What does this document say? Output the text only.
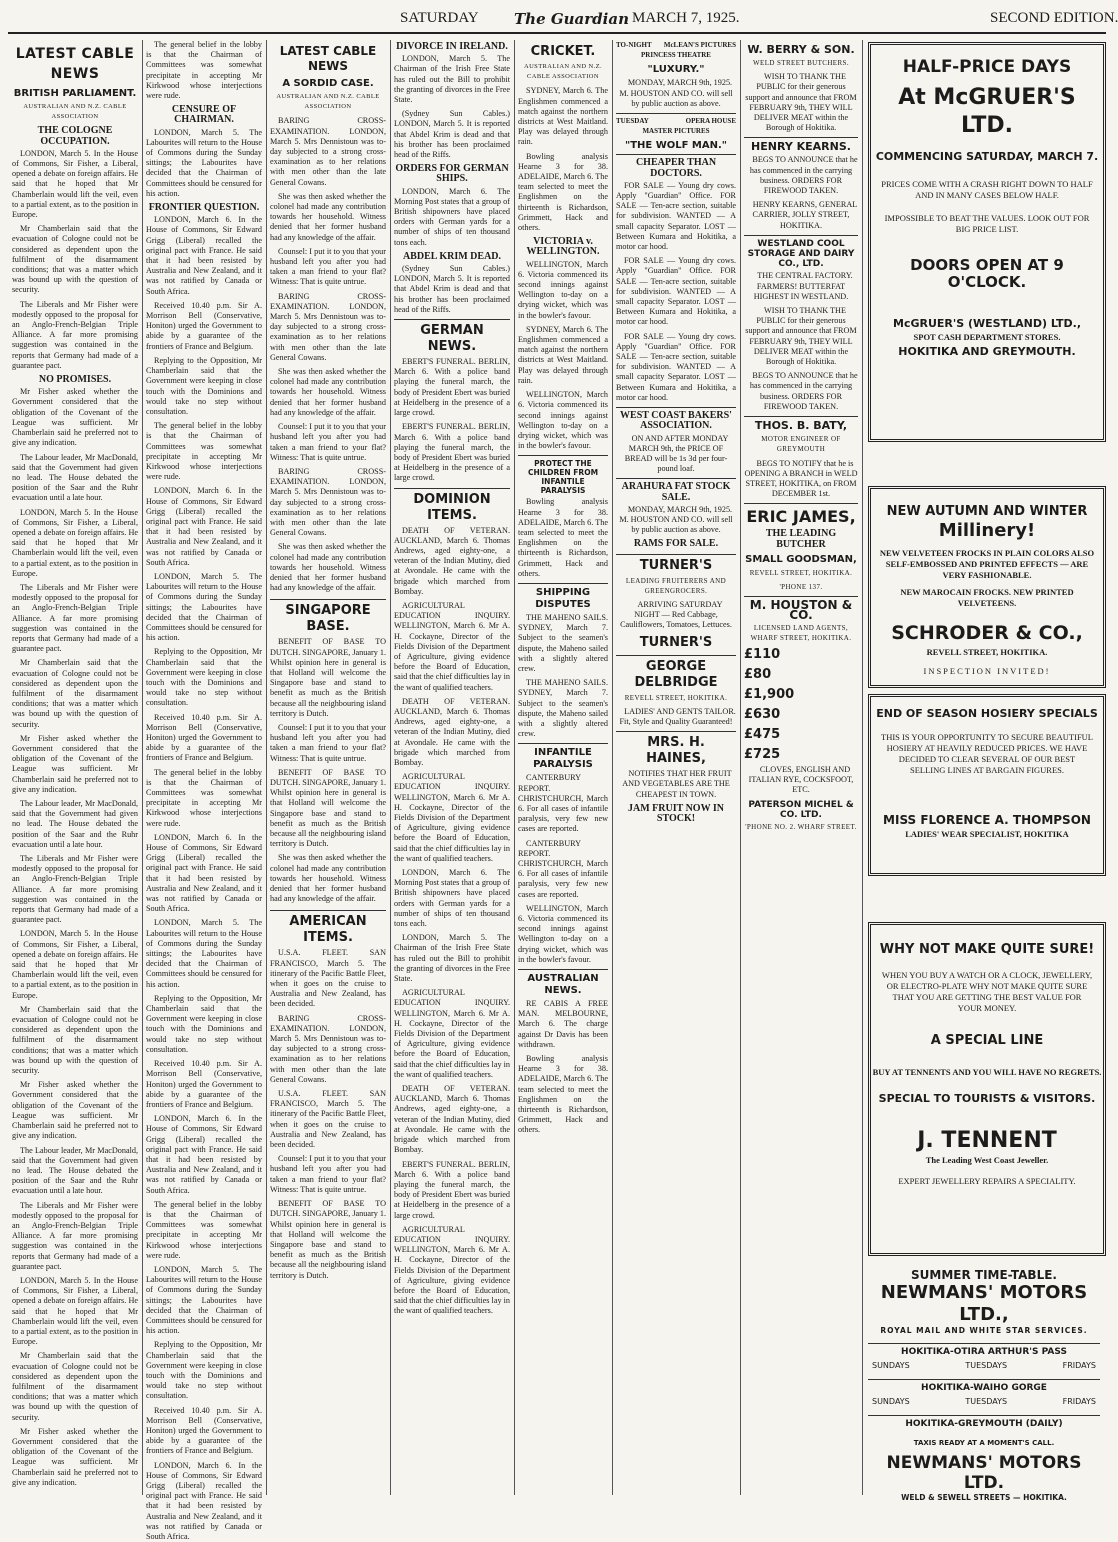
SATURDAY The Guardian MARCH 7, 1925.	SECOND EDITION.
LATEST CABLE NEWS
BRITISH PARLIAMENT.
AUSTRALIAN AND N.Z. CABLE ASSOCIATION
THE COLOGNE OCCUPATION.

LONDON, March 5. In the House of Commons, Sir Fisher, a Liberal, opened a debate on foreign affairs. He said that he hoped that Mr Chamberlain would lift the veil, even to a partial extent, as to the position in Europe.

Mr Chamberlain said that the evacuation of Cologne could not be considered as dependent upon the fulfilment of the disarmament conditions; that was a matter which was bound up with the question of security.

The Liberals and Mr Fisher were modestly opposed to the proposal for an Anglo-French-Belgian Triple Alliance. A far more promising suggestion was contained in the reports that Germany had made of a guarantee pact.

NO PROMISES.

Mr Fisher asked whether the Government considered that the obligation of the Covenant of the League was sufficient. Mr Chamberlain said he preferred not to give any indication.

The Labour leader, Mr MacDonald, said that the Government had given no lead. The House debated the position of the Saar and the Ruhr evacuation until a late hour.

LONDON, March 5. In the House of Commons, Sir Fisher, a Liberal, opened a debate on foreign affairs. He said that he hoped that Mr Chamberlain would lift the veil, even to a partial extent, as to the position in Europe.

The Liberals and Mr Fisher were modestly opposed to the proposal for an Anglo-French-Belgian Triple Alliance. A far more promising suggestion was contained in the reports that Germany had made of a guarantee pact.

Mr Chamberlain said that the evacuation of Cologne could not be considered as dependent upon the fulfilment of the disarmament conditions; that was a matter which was bound up with the question of security.

Mr Fisher asked whether the Government considered that the obligation of the Covenant of the League was sufficient. Mr Chamberlain said he preferred not to give any indication.

The Labour leader, Mr MacDonald, said that the Government had given no lead. The House debated the position of the Saar and the Ruhr evacuation until a late hour.

The Liberals and Mr Fisher were modestly opposed to the proposal for an Anglo-French-Belgian Triple Alliance. A far more promising suggestion was contained in the reports that Germany had made of a guarantee pact.

LONDON, March 5. In the House of Commons, Sir Fisher, a Liberal, opened a debate on foreign affairs. He said that he hoped that Mr Chamberlain would lift the veil, even to a partial extent, as to the position in Europe.

Mr Chamberlain said that the evacuation of Cologne could not be considered as dependent upon the fulfilment of the disarmament conditions; that was a matter which was bound up with the question of security.

Mr Fisher asked whether the Government considered that the obligation of the Covenant of the League was sufficient. Mr Chamberlain said he preferred not to give any indication.

The Labour leader, Mr MacDonald, said that the Government had given no lead. The House debated the position of the Saar and the Ruhr evacuation until a late hour.

The Liberals and Mr Fisher were modestly opposed to the proposal for an Anglo-French-Belgian Triple Alliance. A far more promising suggestion was contained in the reports that Germany had made of a guarantee pact.

LONDON, March 5. In the House of Commons, Sir Fisher, a Liberal, opened a debate on foreign affairs. He said that he hoped that Mr Chamberlain would lift the veil, even to a partial extent, as to the position in Europe.

Mr Chamberlain said that the evacuation of Cologne could not be considered as dependent upon the fulfilment of the disarmament conditions; that was a matter which was bound up with the question of security.

Mr Fisher asked whether the Government considered that the obligation of the Covenant of the League was sufficient. Mr Chamberlain said he preferred not to give any indication.

The general belief in the lobby is that the Chairman of Committees was somewhat precipitate in accepting Mr Kirkwood whose interjections were rude.

CENSURE OF CHAIRMAN.

LONDON, March 5. The Labourites will return to the House of Commons during the Sunday sittings; the Labourites have decided that the Chairman of Committees should be censured for his action.

FRONTIER QUESTION.

LONDON, March 6. In the House of Commons, Sir Edward Grigg (Liberal) recalled the original pact with France. He said that it had been resisted by Australia and New Zealand, and it was not ratified by Canada or South Africa.

Received 10.40 p.m. Sir A. Morrison Bell (Conservative, Honiton) urged the Government to abide by a guarantee of the frontiers of France and Belgium.

Replying to the Opposition, Mr Chamberlain said that the Government were keeping in close touch with the Dominions and would take no step without consultation.

The general belief in the lobby is that the Chairman of Committees was somewhat precipitate in accepting Mr Kirkwood whose interjections were rude.

LONDON, March 6. In the House of Commons, Sir Edward Grigg (Liberal) recalled the original pact with France. He said that it had been resisted by Australia and New Zealand, and it was not ratified by Canada or South Africa.

LONDON, March 5. The Labourites will return to the House of Commons during the Sunday sittings; the Labourites have decided that the Chairman of Committees should be censured for his action.

Replying to the Opposition, Mr Chamberlain said that the Government were keeping in close touch with the Dominions and would take no step without consultation.

Received 10.40 p.m. Sir A. Morrison Bell (Conservative, Honiton) urged the Government to abide by a guarantee of the frontiers of France and Belgium.

The general belief in the lobby is that the Chairman of Committees was somewhat precipitate in accepting Mr Kirkwood whose interjections were rude.

LONDON, March 6. In the House of Commons, Sir Edward Grigg (Liberal) recalled the original pact with France. He said that it had been resisted by Australia and New Zealand, and it was not ratified by Canada or South Africa.

LONDON, March 5. The Labourites will return to the House of Commons during the Sunday sittings; the Labourites have decided that the Chairman of Committees should be censured for his action.

Replying to the Opposition, Mr Chamberlain said that the Government were keeping in close touch with the Dominions and would take no step without consultation.

Received 10.40 p.m. Sir A. Morrison Bell (Conservative, Honiton) urged the Government to abide by a guarantee of the frontiers of France and Belgium.

LONDON, March 6. In the House of Commons, Sir Edward Grigg (Liberal) recalled the original pact with France. He said that it had been resisted by Australia and New Zealand, and it was not ratified by Canada or South Africa.

The general belief in the lobby is that the Chairman of Committees was somewhat precipitate in accepting Mr Kirkwood whose interjections were rude.

LONDON, March 5. The Labourites will return to the House of Commons during the Sunday sittings; the Labourites have decided that the Chairman of Committees should be censured for his action.

Replying to the Opposition, Mr Chamberlain said that the Government were keeping in close touch with the Dominions and would take no step without consultation.

Received 10.40 p.m. Sir A. Morrison Bell (Conservative, Honiton) urged the Government to abide by a guarantee of the frontiers of France and Belgium.

LONDON, March 6. In the House of Commons, Sir Edward Grigg (Liberal) recalled the original pact with France. He said that it had been resisted by Australia and New Zealand, and it was not ratified by Canada or South Africa.

LATEST CABLE NEWS
A SORDID CASE.
AUSTRALIAN AND N.Z. CABLE ASSOCIATION

BARING CROSS-EXAMINATION. LONDON, March 5. Mrs Dennistoun was to-day subjected to a strong cross-examination as to her relations with men other than the late General Cowans.

She was then asked whether the colonel had made any contribution towards her household. Witness denied that her former husband had any knowledge of the affair.

Counsel: I put it to you that your husband left you after you had taken a man friend to your flat? Witness: That is quite untrue.

BARING CROSS-EXAMINATION. LONDON, March 5. Mrs Dennistoun was to-day subjected to a strong cross-examination as to her relations with men other than the late General Cowans.

She was then asked whether the colonel had made any contribution towards her household. Witness denied that her former husband had any knowledge of the affair.

Counsel: I put it to you that your husband left you after you had taken a man friend to your flat? Witness: That is quite untrue.

BARING CROSS-EXAMINATION. LONDON, March 5. Mrs Dennistoun was to-day subjected to a strong cross-examination as to her relations with men other than the late General Cowans.

She was then asked whether the colonel had made any contribution towards her household. Witness denied that her former husband had any knowledge of the affair.

SINGAPORE BASE.

BENEFIT OF BASE TO DUTCH. SINGAPORE, January 1. Whilst opinion here in general is that Holland will welcome the Singapore base and stand to benefit as much as the British because all the neighbouring island territory is Dutch.

Counsel: I put it to you that your husband left you after you had taken a man friend to your flat? Witness: That is quite untrue.

BENEFIT OF BASE TO DUTCH. SINGAPORE, January 1. Whilst opinion here in general is that Holland will welcome the Singapore base and stand to benefit as much as the British because all the neighbouring island territory is Dutch.

She was then asked whether the colonel had made any contribution towards her household. Witness denied that her former husband had any knowledge of the affair.

AMERICAN ITEMS.

U.S.A. FLEET. SAN FRANCISCO, March 5. The itinerary of the Pacific Battle Fleet, when it goes on the cruise to Australia and New Zealand, has been decided.

BARING CROSS-EXAMINATION. LONDON, March 5. Mrs Dennistoun was to-day subjected to a strong cross-examination as to her relations with men other than the late General Cowans.

U.S.A. FLEET. SAN FRANCISCO, March 5. The itinerary of the Pacific Battle Fleet, when it goes on the cruise to Australia and New Zealand, has been decided.

Counsel: I put it to you that your husband left you after you had taken a man friend to your flat? Witness: That is quite untrue.

BENEFIT OF BASE TO DUTCH. SINGAPORE, January 1. Whilst opinion here in general is that Holland will welcome the Singapore base and stand to benefit as much as the British because all the neighbouring island territory is Dutch.

DIVORCE IN IRELAND.

LONDON, March 5. The Chairman of the Irish Free State has ruled out the Bill to prohibit the granting of divorces in the Free State.

(Sydney Sun Cables.) LONDON, March 5. It is reported that Abdel Krim is dead and that his brother has been proclaimed head of the Riffs.

ORDERS FOR GERMAN SHIPS.

LONDON, March 6. The Morning Post states that a group of British shipowners have placed orders with German yards for a number of ships of ten thousand tons each.

ABDEL KRIM DEAD.

(Sydney Sun Cables.) LONDON, March 5. It is reported that Abdel Krim is dead and that his brother has been proclaimed head of the Riffs.

GERMAN NEWS.

EBERT'S FUNERAL. BERLIN, March 6. With a police band playing the funeral march, the body of President Ebert was buried at Heidelberg in the presence of a large crowd.

EBERT'S FUNERAL. BERLIN, March 6. With a police band playing the funeral march, the body of President Ebert was buried at Heidelberg in the presence of a large crowd.

DOMINION ITEMS.

DEATH OF VETERAN. AUCKLAND, March 6. Thomas Andrews, aged eighty-one, a veteran of the Indian Mutiny, died at Avondale. He came with the brigade which marched from Bombay.

AGRICULTURAL EDUCATION INQUIRY. WELLINGTON, March 6. Mr A. H. Cockayne, Director of the Fields Division of the Department of Agriculture, giving evidence before the Board of Education, said that the chief difficulties lay in the want of qualified teachers.

DEATH OF VETERAN. AUCKLAND, March 6. Thomas Andrews, aged eighty-one, a veteran of the Indian Mutiny, died at Avondale. He came with the brigade which marched from Bombay.

AGRICULTURAL EDUCATION INQUIRY. WELLINGTON, March 6. Mr A. H. Cockayne, Director of the Fields Division of the Department of Agriculture, giving evidence before the Board of Education, said that the chief difficulties lay in the want of qualified teachers.

LONDON, March 6. The Morning Post states that a group of British shipowners have placed orders with German yards for a number of ships of ten thousand tons each.

LONDON, March 5. The Chairman of the Irish Free State has ruled out the Bill to prohibit the granting of divorces in the Free State.

AGRICULTURAL EDUCATION INQUIRY. WELLINGTON, March 6. Mr A. H. Cockayne, Director of the Fields Division of the Department of Agriculture, giving evidence before the Board of Education, said that the chief difficulties lay in the want of qualified teachers.

DEATH OF VETERAN. AUCKLAND, March 6. Thomas Andrews, aged eighty-one, a veteran of the Indian Mutiny, died at Avondale. He came with the brigade which marched from Bombay.

EBERT'S FUNERAL. BERLIN, March 6. With a police band playing the funeral march, the body of President Ebert was buried at Heidelberg in the presence of a large crowd.

AGRICULTURAL EDUCATION INQUIRY. WELLINGTON, March 6. Mr A. H. Cockayne, Director of the Fields Division of the Department of Agriculture, giving evidence before the Board of Education, said that the chief difficulties lay in the want of qualified teachers.

CRICKET.
AUSTRALIAN AND N.Z. CABLE ASSOCIATION

SYDNEY, March 6. The Englishmen commenced a match against the northern districts at West Maitland. Play was delayed through rain.

Bowling analysis Hearne 3 for 38. ADELAIDE, March 6. The team selected to meet the Englishmen on the thirteenth is Richardson, Grimmett, Hack and others.

VICTORIA v. WELLINGTON.

WELLINGTON, March 6. Victoria commenced its second innings against Wellington to-day on a drying wicket, which was in the bowler's favour.

SYDNEY, March 6. The Englishmen commenced a match against the northern districts at West Maitland. Play was delayed through rain.

WELLINGTON, March 6. Victoria commenced its second innings against Wellington to-day on a drying wicket, which was in the bowler's favour.

PROTECT THE CHILDREN FROM INFANTILE PARALYSIS

Bowling analysis Hearne 3 for 38. ADELAIDE, March 6. The team selected to meet the Englishmen on the thirteenth is Richardson, Grimmett, Hack and others.

SHIPPING DISPUTES

THE MAHENO SAILS. SYDNEY, March 7. Subject to the seamen's dispute, the Maheno sailed with a slightly altered crew.

THE MAHENO SAILS. SYDNEY, March 7. Subject to the seamen's dispute, the Maheno sailed with a slightly altered crew.

INFANTILE PARALYSIS

CANTERBURY REPORT. CHRISTCHURCH, March 6. For all cases of infantile paralysis, very few new cases are reported.

CANTERBURY REPORT. CHRISTCHURCH, March 6. For all cases of infantile paralysis, very few new cases are reported.

WELLINGTON, March 6. Victoria commenced its second innings against Wellington to-day on a drying wicket, which was in the bowler's favour.

AUSTRALIAN NEWS.

RE CABIS A FREE MAN. MELBOURNE, March 6. The charge against Dr Davis has been withdrawn.

Bowling analysis Hearne 3 for 38. ADELAIDE, March 6. The team selected to meet the Englishmen on the thirteenth is Richardson, Grimmett, Hack and others.

TO-NIGHT McLEAN'S PICTURES
PRINCESS THEATRE
"LUXURY."

MONDAY, MARCH 9th, 1925. M. HOUSTON AND CO. will sell by public auction as above.

TUESDAY	OPERA HOUSE
MASTER PICTURES
"THE WOLF MAN."
CHEAPER THAN DOCTORS.

FOR SALE — Young dry cows. Apply "Guardian" Office. FOR SALE — Ten-acre section, suitable for subdivision. WANTED — A small capacity Separator. LOST — Between Kumara and Hokitika, a motor car hood.

FOR SALE — Young dry cows. Apply "Guardian" Office. FOR SALE — Ten-acre section, suitable for subdivision. WANTED — A small capacity Separator. LOST — Between Kumara and Hokitika, a motor car hood.

FOR SALE — Young dry cows. Apply "Guardian" Office. FOR SALE — Ten-acre section, suitable for subdivision. WANTED — A small capacity Separator. LOST — Between Kumara and Hokitika, a motor car hood.

WEST COAST BAKERS' ASSOCIATION.

ON AND AFTER MONDAY MARCH 9th, the PRICE OF BREAD will be 1s 3d per four-pound loaf.

ARAHURA FAT STOCK SALE.

MONDAY, MARCH 9th, 1925. M. HOUSTON AND CO. will sell by public auction as above.

RAMS FOR SALE.
TURNER'S
LEADING FRUITERERS AND GREENGROCERS.

ARRIVING SATURDAY NIGHT — Red Cabbage, Cauliflowers, Tomatoes, Lettuces.

TURNER'S
GEORGE DELBRIDGE
REVELL STREET, HOKITIKA.

LADIES' AND GENTS TAILOR. Fit, Style and Quality Guaranteed!

MRS. H. HAINES,

NOTIFIES THAT HER FRUIT AND VEGETABLES ARE THE CHEAPEST IN TOWN.

JAM FRUIT NOW IN STOCK!
W. BERRY & SON.
WELD STREET BUTCHERS.

WISH TO THANK THE PUBLIC for their generous support and announce that FROM FEBRUARY 9th, THEY WILL DELIVER MEAT within the Borough of Hokitika.

HENRY KEARNS.

BEGS TO ANNOUNCE that he has commenced in the carrying business. ORDERS FOR FIREWOOD TAKEN.

HENRY KEARNS, GENERAL CARRIER, JOLLY STREET, HOKITIKA.

WESTLAND COOL STORAGE AND DAIRY CO., LTD.

THE CENTRAL FACTORY. FARMERS! BUTTERFAT HIGHEST IN WESTLAND.

WISH TO THANK THE PUBLIC for their generous support and announce that FROM FEBRUARY 9th, THEY WILL DELIVER MEAT within the Borough of Hokitika.

BEGS TO ANNOUNCE that he has commenced in the carrying business. ORDERS FOR FIREWOOD TAKEN.

THOS. B. BATY,
MOTOR ENGINEER OF GREYMOUTH

BEGS TO NOTIFY that he is OPENING A BRANCH in WELD STREET, HOKITIKA, on FROM DECEMBER 1st.

ERIC JAMES,
THE LEADING BUTCHER
SMALL GOODSMAN,
REVELL STREET, HOKITIKA.
'PHONE 137.
M. HOUSTON & CO.
LICENSED LAND AGENTS, WHARF STREET, HOKITIKA.
£110
£80
£1,900
£630
£475
£725

CLOVES, ENGLISH AND ITALIAN RYE, COCKSFOOT, ETC.

PATERSON MICHEL & CO. LTD.
'PHONE NO. 2. WHARF STREET.
HALF-PRICE DAYS
At McGRUER'S LTD.
COMMENCING SATURDAY, MARCH 7.
PRICES COME WITH A CRASH RIGHT DOWN TO HALF AND IN MANY CASES BELOW HALF.
IMPOSSIBLE TO BEAT THE VALUES. LOOK OUT FOR BIG PRICE LIST.
DOORS OPEN AT 9 O'CLOCK.
McGRUER'S (WESTLAND) LTD.,
SPOT CASH DEPARTMENT STORES.
HOKITIKA AND GREYMOUTH.
NEW AUTUMN AND WINTER
Millinery!
NEW VELVETEEN FROCKS IN PLAIN COLORS ALSO SELF-EMBOSSED AND PRINTED EFFECTS — ARE VERY FASHIONABLE.
NEW MAROCAIN FROCKS. NEW PRINTED VELVETEENS.
SCHRODER & CO.,
REVELL STREET, HOKITIKA.
INSPECTION INVITED!
END OF SEASON HOSIERY SPECIALS
THIS IS YOUR OPPORTUNITY TO SECURE BEAUTIFUL HOSIERY AT HEAVILY REDUCED PRICES. WE HAVE DECIDED TO CLEAR SEVERAL OF OUR BEST SELLING LINES AT BARGAIN FIGURES.
MISS FLORENCE A. THOMPSON
LADIES' WEAR SPECIALIST, HOKITIKA
WHY NOT MAKE QUITE SURE!
WHEN YOU BUY A WATCH OR A CLOCK, JEWELLERY, OR ELECTRO-PLATE WHY NOT MAKE QUITE SURE THAT YOU ARE GETTING THE BEST VALUE FOR YOUR MONEY.
A SPECIAL LINE
BUY AT TENNENTS AND YOU WILL HAVE NO REGRETS.
SPECIAL TO TOURISTS & VISITORS.
J. TENNENT
The Leading West Coast Jeweller.
EXPERT JEWELLERY REPAIRS A SPECIALITY.
SUMMER TIME-TABLE.
NEWMANS' MOTORS LTD.,
ROYAL MAIL AND WHITE STAR SERVICES.
HOKITIKA-OTIRA ARTHUR'S PASS
SUNDAYS	TUESDAYS	FRIDAYS
HOKITIKA-WAIHO GORGE
SUNDAYS	TUESDAYS	FRIDAYS
HOKITIKA-GREYMOUTH (DAILY)
TAXIS READY AT A MOMENT'S CALL.
NEWMANS' MOTORS LTD.
WELD & SEWELL STREETS — HOKITIKA.
